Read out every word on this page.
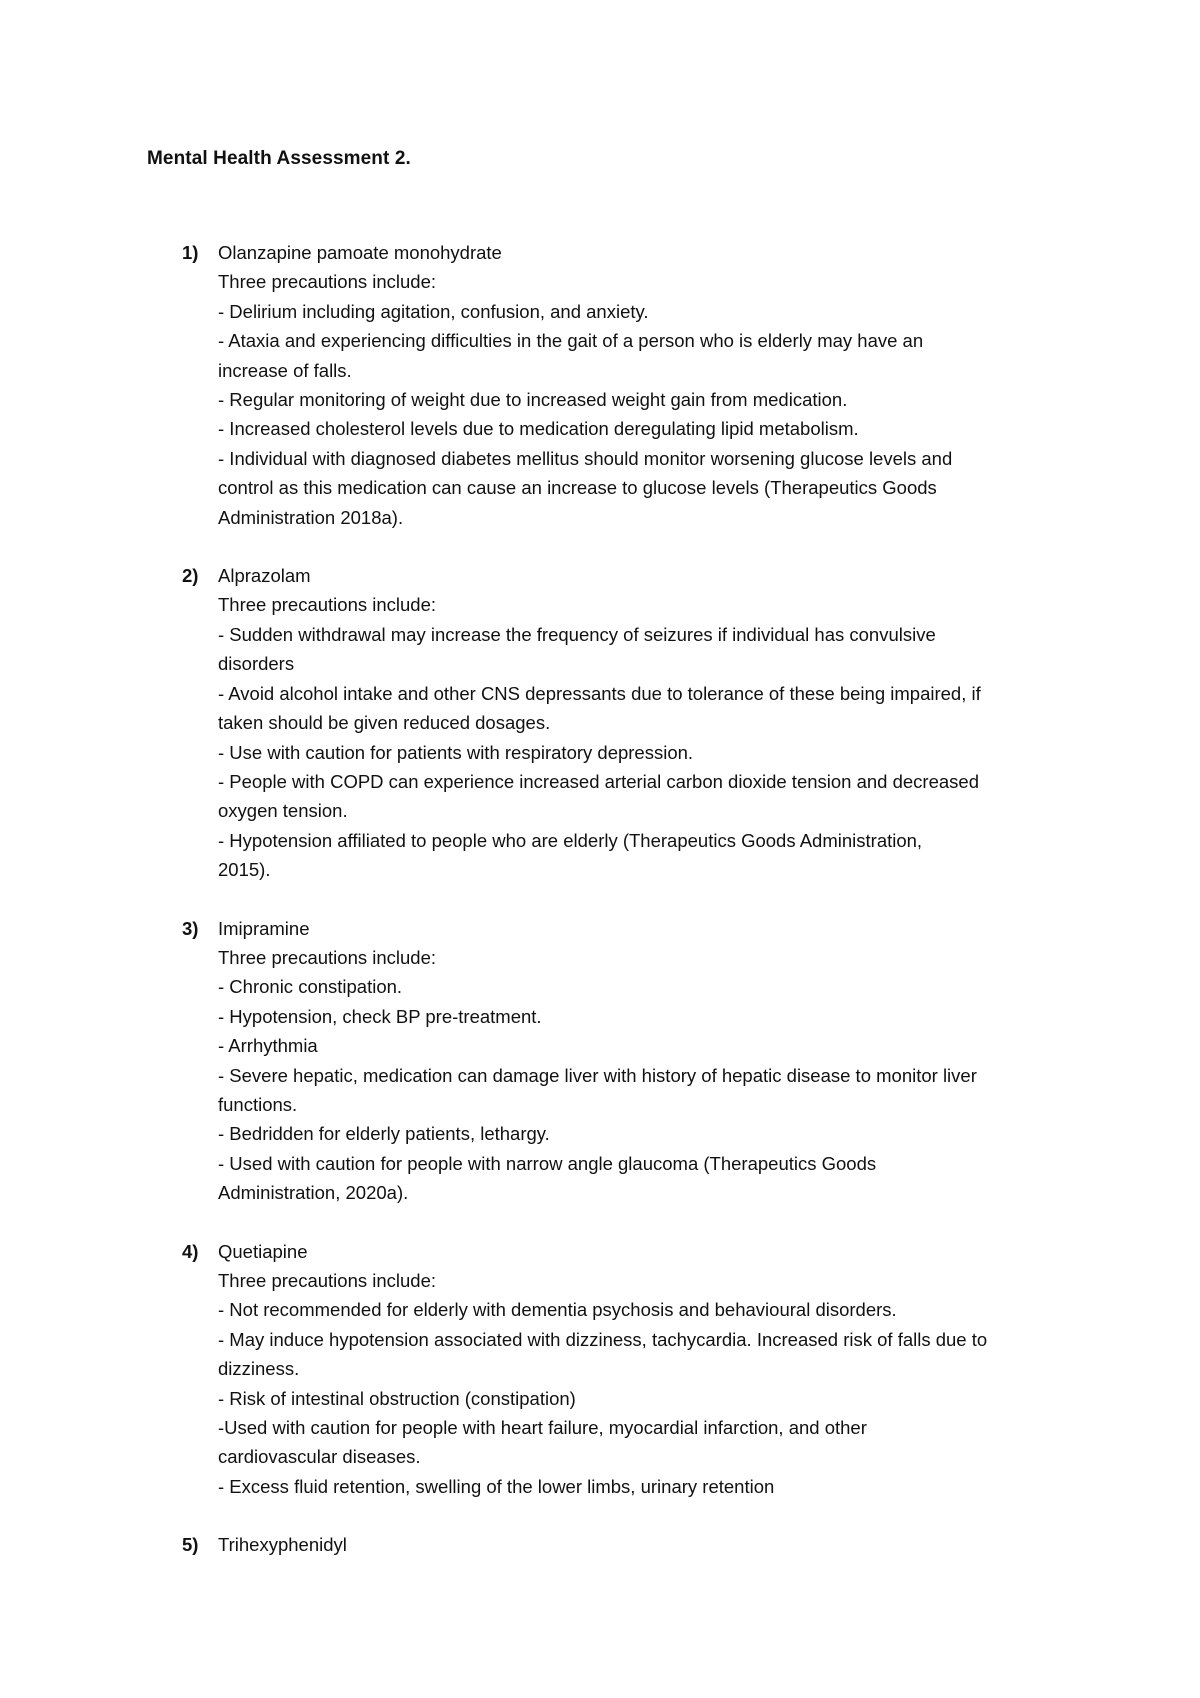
Mental Health Assessment 2.
1) Olanzapine pamoate monohydrate
Three precautions include:
- Delirium including agitation, confusion, and anxiety.
- Ataxia and experiencing difficulties in the gait of a person who is elderly may have an
increase of falls.
- Regular monitoring of weight due to increased weight gain from medication.
- Increased cholesterol levels due to medication deregulating lipid metabolism.
- Individual with diagnosed diabetes mellitus should monitor worsening glucose levels and
control as this medication can cause an increase to glucose levels (Therapeutics Goods
Administration 2018a).
2) Alprazolam
Three precautions include:
- Sudden withdrawal may increase the frequency of seizures if individual has convulsive
disorders
- Avoid alcohol intake and other CNS depressants due to tolerance of these being impaired, if
taken should be given reduced dosages.
- Use with caution for patients with respiratory depression.
- People with COPD can experience increased arterial carbon dioxide tension and decreased
oxygen tension.
- Hypotension affiliated to people who are elderly (Therapeutics Goods Administration,
2015).
3) Imipramine
Three precautions include:
- Chronic constipation.
- Hypotension, check BP pre-treatment.
- Arrhythmia
- Severe hepatic, medication can damage liver with history of hepatic disease to monitor liver
functions.
- Bedridden for elderly patients, lethargy.
- Used with caution for people with narrow angle glaucoma (Therapeutics Goods
Administration, 2020a).
4) Quetiapine
Three precautions include:
- Not recommended for elderly with dementia psychosis and behavioural disorders.
- May induce hypotension associated with dizziness, tachycardia. Increased risk of falls due to
dizziness.
- Risk of intestinal obstruction (constipation)
-Used with caution for people with heart failure, myocardial infarction, and other
cardiovascular diseases.
- Excess fluid retention, swelling of the lower limbs, urinary retention
5) Trihexyphenidyl
